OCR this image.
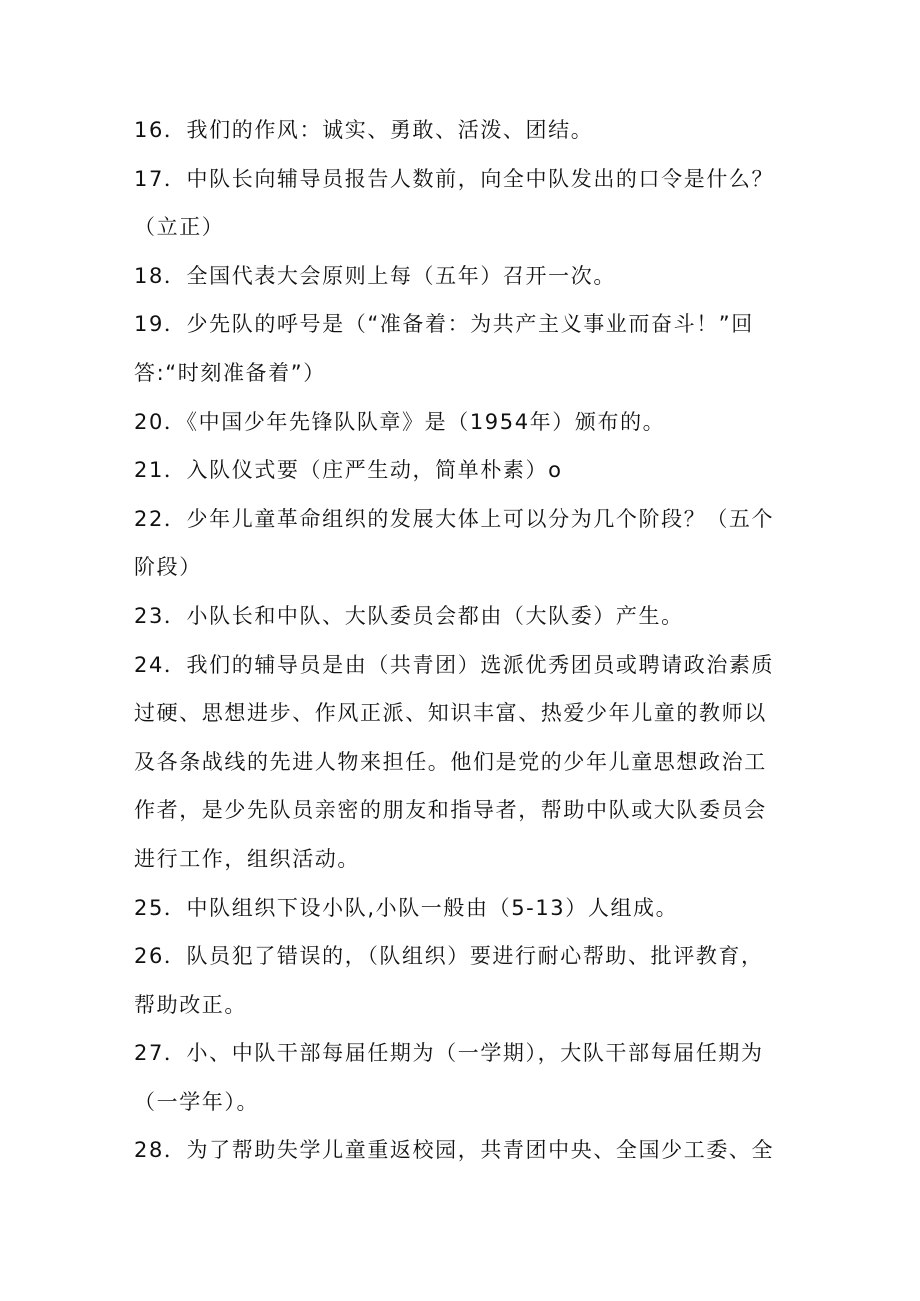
16．我们的作风：诚实、勇敢、活泼、团结。
17．中队长向辅导员报告人数前，向全中队发出的口令是什么？
（立正）
18．全国代表大会原则上每（五年）召开一次。
19．少先队的呼号是（“准备着：为共产主义事业而奋斗！”回
答:“时刻准备着”）
20．《中国少年先锋队队章》是（1954年）颁布的。
21．入队仪式要（庄严生动，简单朴素）o
22．少年儿童革命组织的发展大体上可以分为几个阶段？（五个
阶段）
23．小队长和中队、大队委员会都由（大队委）产生。
24．我们的辅导员是由（共青团）选派优秀团员或聘请政治素质
过硬、思想进步、作风正派、知识丰富、热爱少年儿童的教师以
及各条战线的先进人物来担任。他们是党的少年儿童思想政治工
作者，是少先队员亲密的朋友和指导者，帮助中队或大队委员会
进行工作，组织活动。
25．中队组织下设小队,小队一般由（5-13）人组成。
26．队员犯了错误的，（队组织）要进行耐心帮助、批评教育，
帮助改正。
27．小、中队干部每届任期为（一学期），大队干部每届任期为
（一学年）。
28．为了帮助失学儿童重返校园，共青团中央、全国少工委、全
